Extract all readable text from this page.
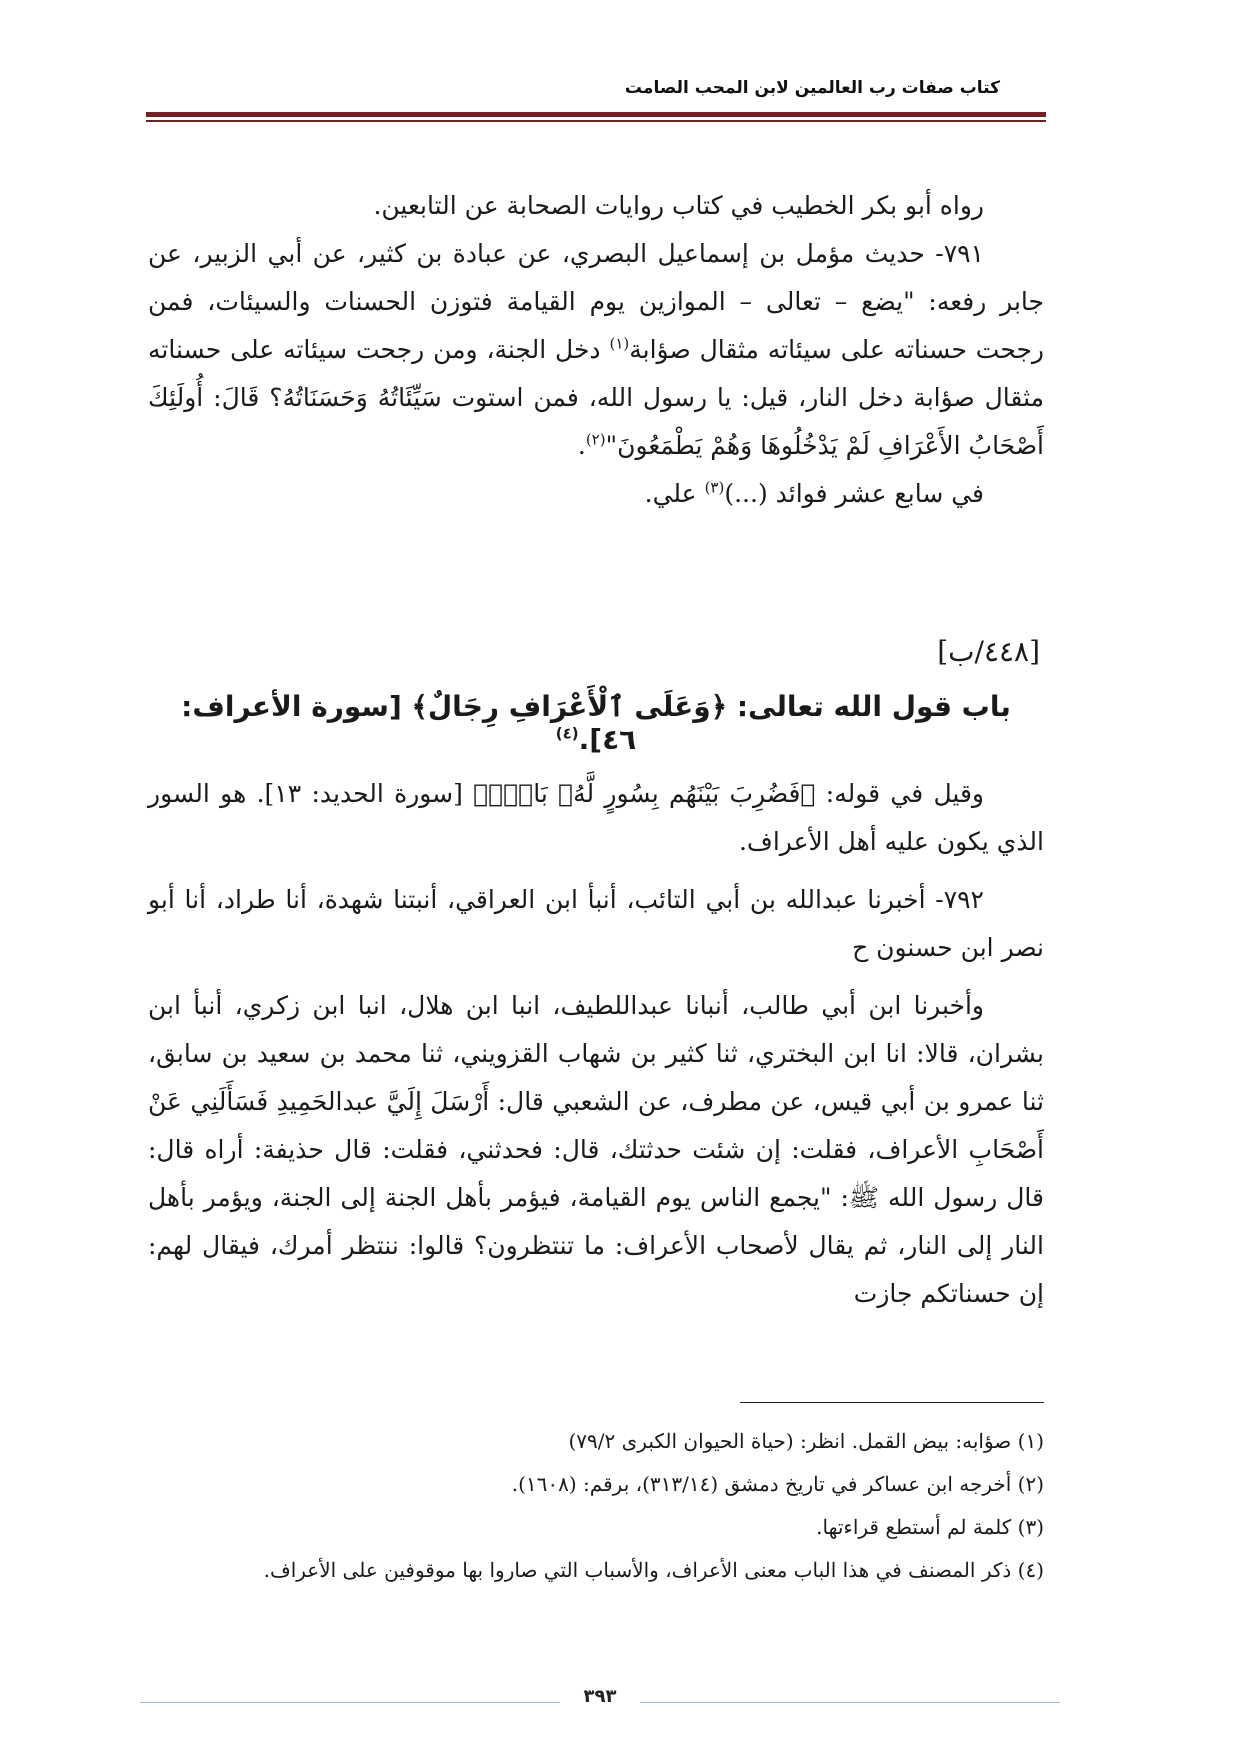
كتاب صفات رب العالمين لابن المحب الصامت

رواه أبو بكر الخطيب في كتاب روايات الصحابة عن التابعين.

٧٩١- حديث مؤمل بن إسماعيل البصري، عن عبادة بن كثير، عن أبي الزبير، عن جابر رفعه: "يضع – تعالى – الموازين يوم القيامة فتوزن الحسنات والسيئات، فمن رجحت حسناته على سيئاته مثقال صؤابة$^{(١)}$ دخل الجنة، ومن رجحت سيئاته على حسناته مثقال صؤابة دخل النار، قيل: يا رسول الله، فمن استوت سَيِّئَاتُهُ وَحَسَنَاتُهُ؟ قَالَ: أُولَئِكَ أَصْحَابُ الأَعْرَافِ لَمْ يَدْخُلُوهَا وَهُمْ يَطْمَعُونَ"$^{(٢)}$.

في سابع عشر فوائد (...)$^{(٣)}$ علي.

[٤٤٨/ب]
باب قول الله تعالى: ﴿وَعَلَى ٱلْأَعْرَافِ رِجَالٌ﴾ [سورة الأعراف: ٤٦].$^{(٤)}$

وقيل في قوله: ﴿فَضُرِبَ بَيْنَهُم بِسُورٍ لَّهُۥ بَابٌۢ﴾ [سورة الحديد: ١٣]. هو السور الذي يكون عليه أهل الأعراف.

٧٩٢- أخبرنا عبدالله بن أبي التائب، أنبأ ابن العراقي، أنبتنا شهدة، أنا طراد، أنا أبو نصر ابن حسنون ح

وأخبرنا ابن أبي طالب، أنبانا عبداللطيف، انبا ابن هلال، انبا ابن زكري، أنبأ ابن بشران، قالا: انا ابن البختري، ثنا كثير بن شهاب القزويني، ثنا محمد بن سعيد بن سابق، ثنا عمرو بن أبي قيس، عن مطرف، عن الشعبي قال: أَرْسَلَ إِلَيَّ عبدالحَمِيدِ فَسَأَلَنِي عَنْ أَصْحَابِ الأعراف، فقلت: إن شئت حدثتك، قال: فحدثني، فقلت: قال حذيفة: أراه قال: قال رسول الله ﷺ: "يجمع الناس يوم القيامة، فيؤمر بأهل الجنة إلى الجنة، ويؤمر بأهل النار إلى النار، ثم يقال لأصحاب الأعراف: ما تنتظرون؟ قالوا: ننتظر أمرك، فيقال لهم: إن حسناتكم جازت

(١) صؤابه: بيض القمل. انظر: (حياة الحيوان الكبرى ٧٩/٢)
(٢) أخرجه ابن عساكر في تاريخ دمشق (٣١٣/١٤)، برقم: (١٦٠٨).
(٣) كلمة لم أستطع قراءتها.
(٤) ذكر المصنف في هذا الباب معنى الأعراف، والأسباب التي صاروا بها موقوفين على الأعراف.
٣٩٣
